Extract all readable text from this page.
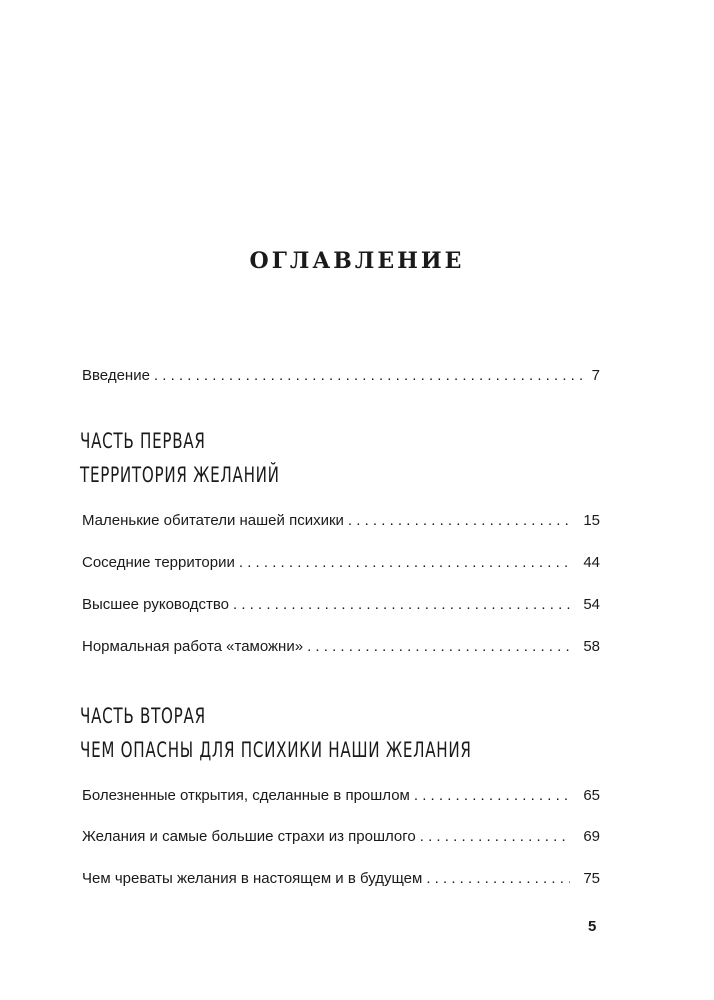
ОГЛАВЛЕНИЕ
Введение . . .	7
ЧАСТЬ ПЕРВАЯ
ТЕРРИТОРИЯ ЖЕЛАНИЙ
Маленькие обитатели нашей психики . . .	15
Соседние территории . . .	44
Высшее руководство . . .	54
Нормальная работа «таможни» . . .	58
ЧАСТЬ ВТОРАЯ
ЧЕМ ОПАСНЫ ДЛЯ ПСИХИКИ НАШИ ЖЕЛАНИЯ
Болезненные открытия, сделанные в прошлом . . .	65
Желания и самые большие страхи из прошлого . . .	69
Чем чреваты желания в настоящем и в будущем . . .	75
5
